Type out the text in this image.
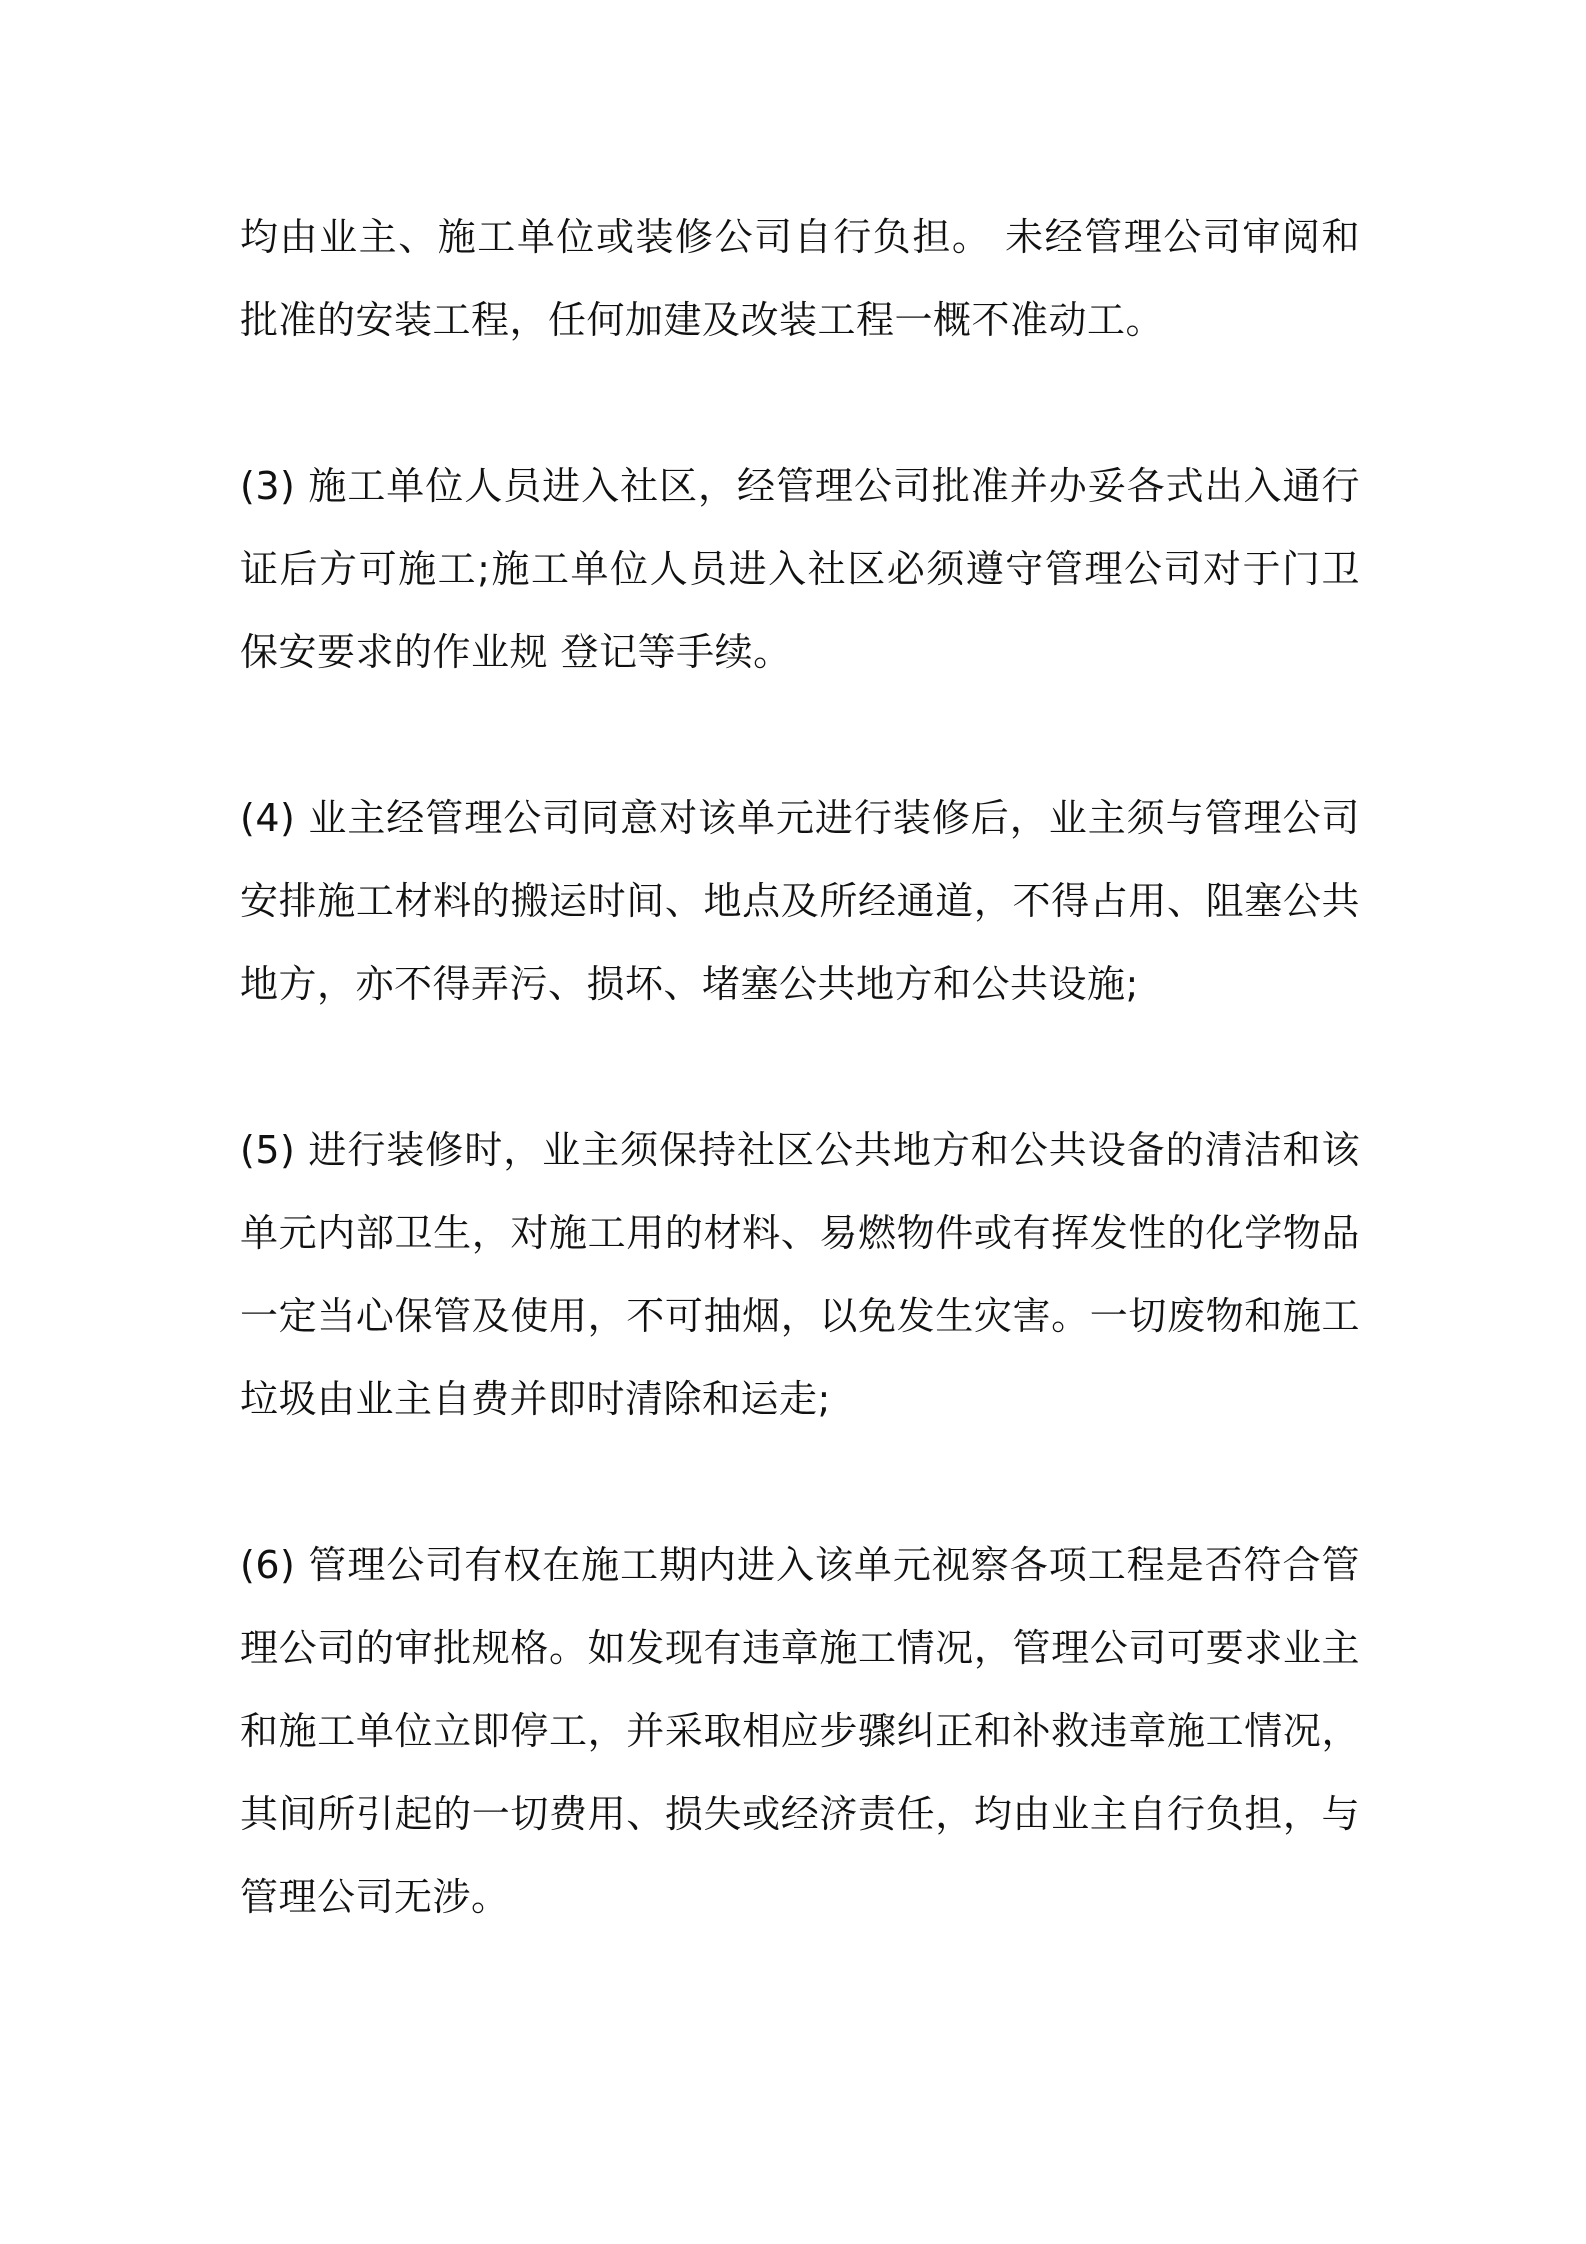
均由业主、施工单位或装修公司自行负担。 未经管理公司审阅和批准的安装工程，任何加建及改装工程一概不准动工。

(3) 施工单位人员进入社区，经管理公司批准并办妥各式出入通行证后方可施工;施工单位人员进入社区必须遵守管理公司对于门卫保安要求的作业规 登记等手续。

(4) 业主经管理公司同意对该单元进行装修后，业主须与管理公司安排施工材料的搬运时间、地点及所经通道，不得占用、阻塞公共地方，亦不得弄污、损坏、堵塞公共地方和公共设施;

(5) 进行装修时，业主须保持社区公共地方和公共设备的清洁和该单元内部卫生，对施工用的材料、易燃物件或有挥发性的化学物品一定当心保管及使用，不可抽烟，以免发生灾害。一切废物和施工垃圾由业主自费并即时清除和运走;

(6) 管理公司有权在施工期内进入该单元视察各项工程是否符合管理公司的审批规格。如发现有违章施工情况，管理公司可要求业主和施工单位立即停工，并采取相应步骤纠正和补救违章施工情况，其间所引起的一切费用、损失或经济责任，均由业主自行负担，与管理公司无涉。
